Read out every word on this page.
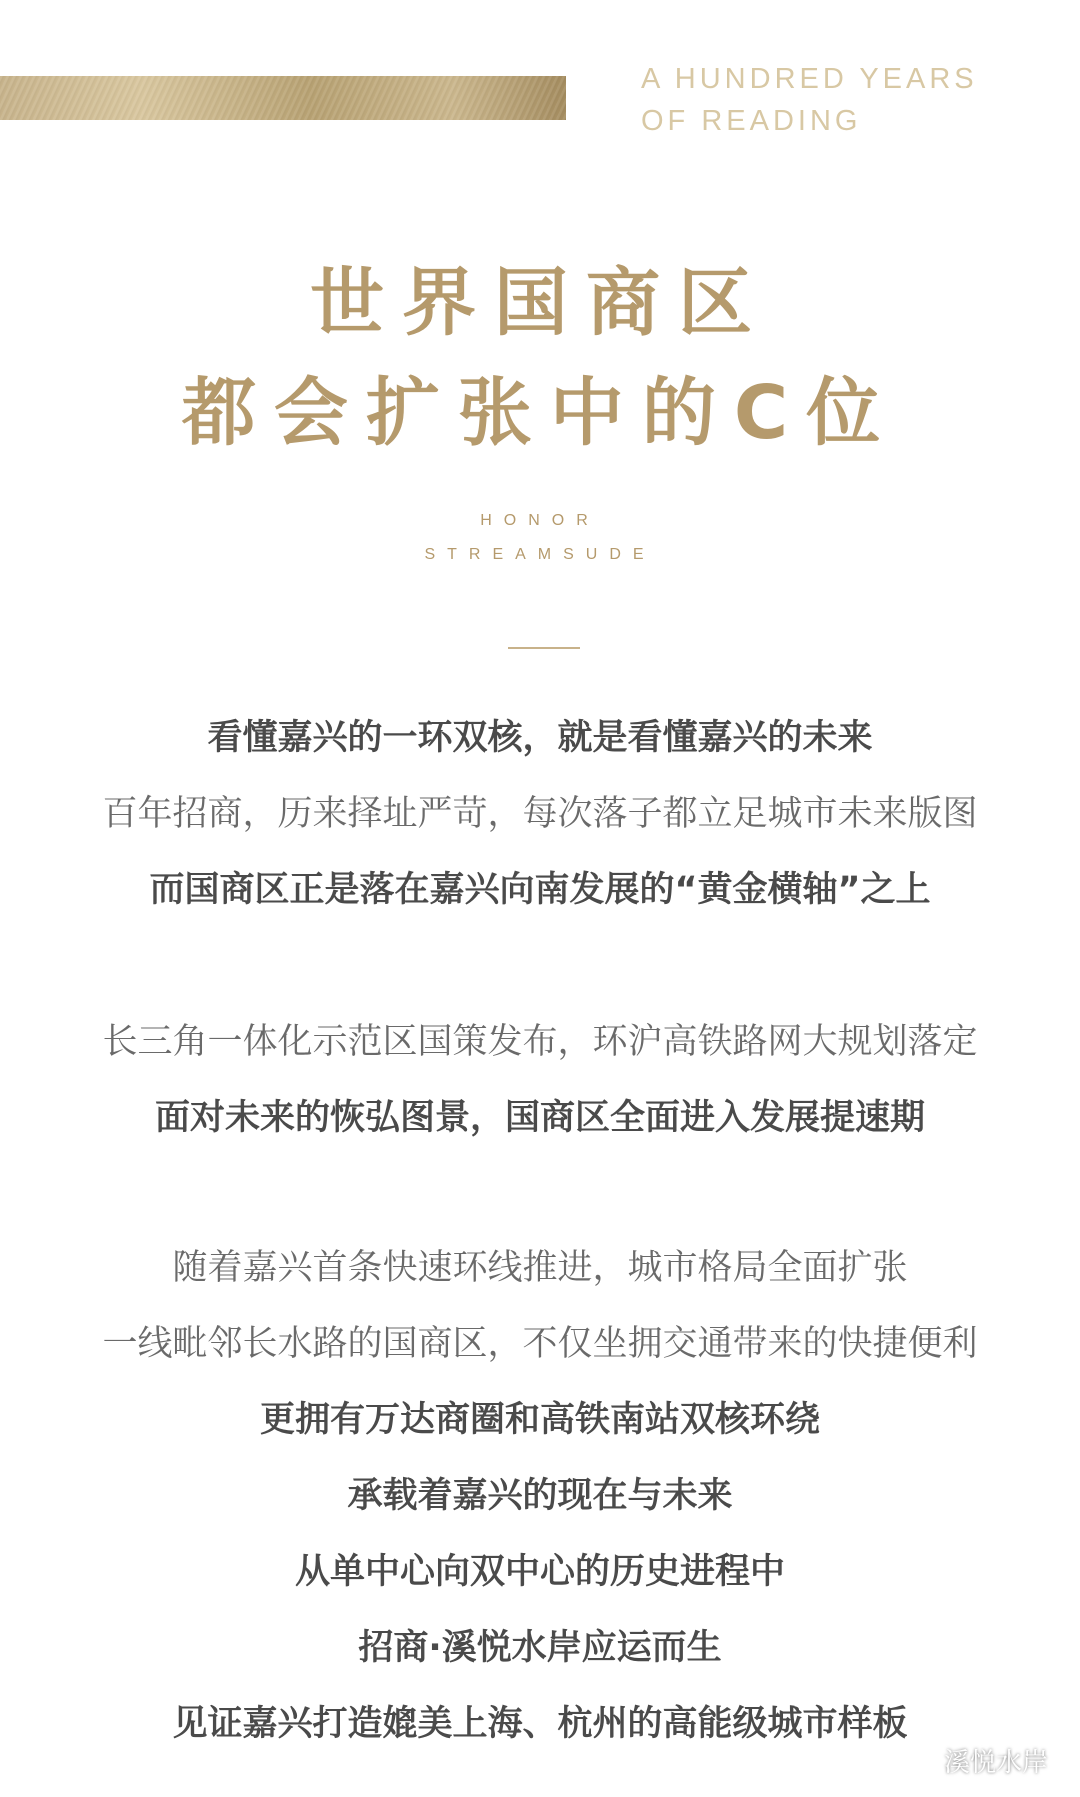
A HUNDRED YEARS
OF READING
世界国商区
都会扩张中的C位
HONOR
STREAMSUDE
看懂嘉兴的一环双核，就是看懂嘉兴的未来
百年招商，历来择址严苛，每次落子都立足城市未来版图
而国商区正是落在嘉兴向南发展的“黄金横轴”之上
长三角一体化示范区国策发布，环沪高铁路网大规划落定
面对未来的恢弘图景，国商区全面进入发展提速期
随着嘉兴首条快速环线推进，城市格局全面扩张
一线毗邻长水路的国商区，不仅坐拥交通带来的快捷便利
更拥有万达商圈和高铁南站双核环绕
承载着嘉兴的现在与未来
从单中心向双中心的历史进程中
招商·溪悦水岸应运而生
见证嘉兴打造媲美上海、杭州的高能级城市样板
溪悦水岸
